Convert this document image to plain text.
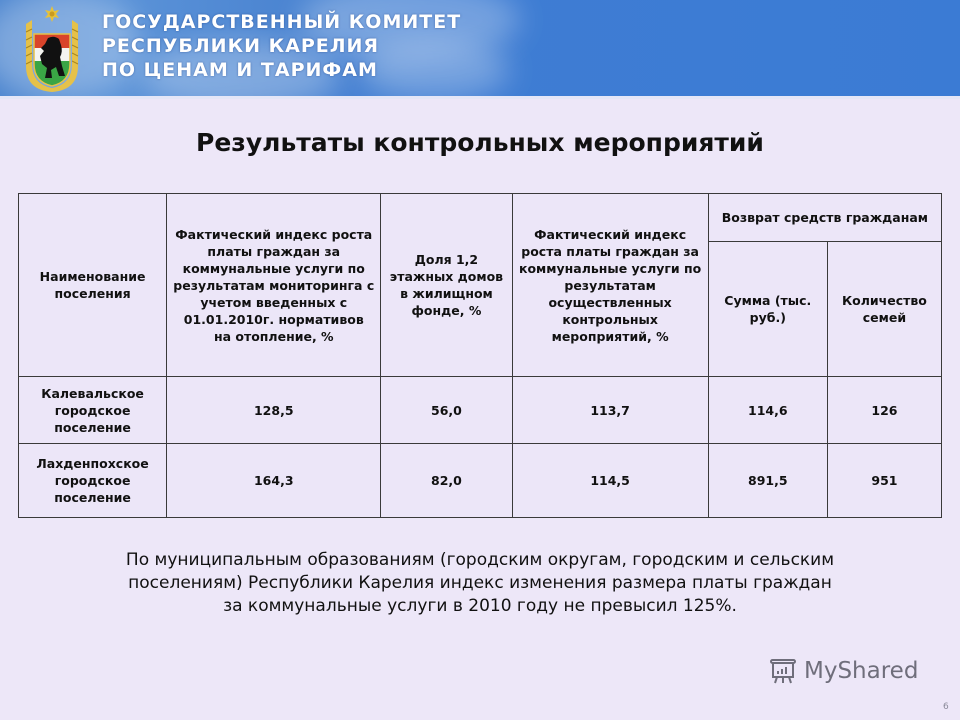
ГОСУДАРСТВЕННЫЙ КОМИТЕТ
РЕСПУБЛИКИ КАРЕЛИЯ
ПО ЦЕНАМ И ТАРИФАМ
Результаты контрольных мероприятий
Наименование поселения	Фактический индекс роста платы граждан за коммунальные услуги по результатам мониторинга с учетом введенных с 01.01.2010г. нормативов на отопление, %	Доля 1,2 этажных домов в жилищном фонде, %	Фактический индекс роста платы граждан за коммунальные услуги по результатам осуществленных контрольных мероприятий, %	Возврат средств гражданам	
				Сумма (тыс. руб.)	Количество семей
Калевальское городское поселение	128,5	56,0	113,7	114,6	126
Лахденпохское городское поселение	164,3	82,0	114,5	891,5	951
По муниципальным образованиям (городским округам, городским и сельским
поселениям) Республики Карелия индекс изменения размера платы граждан
за коммунальные услуги в 2010 году не превысил 125%.
MyShared
6
